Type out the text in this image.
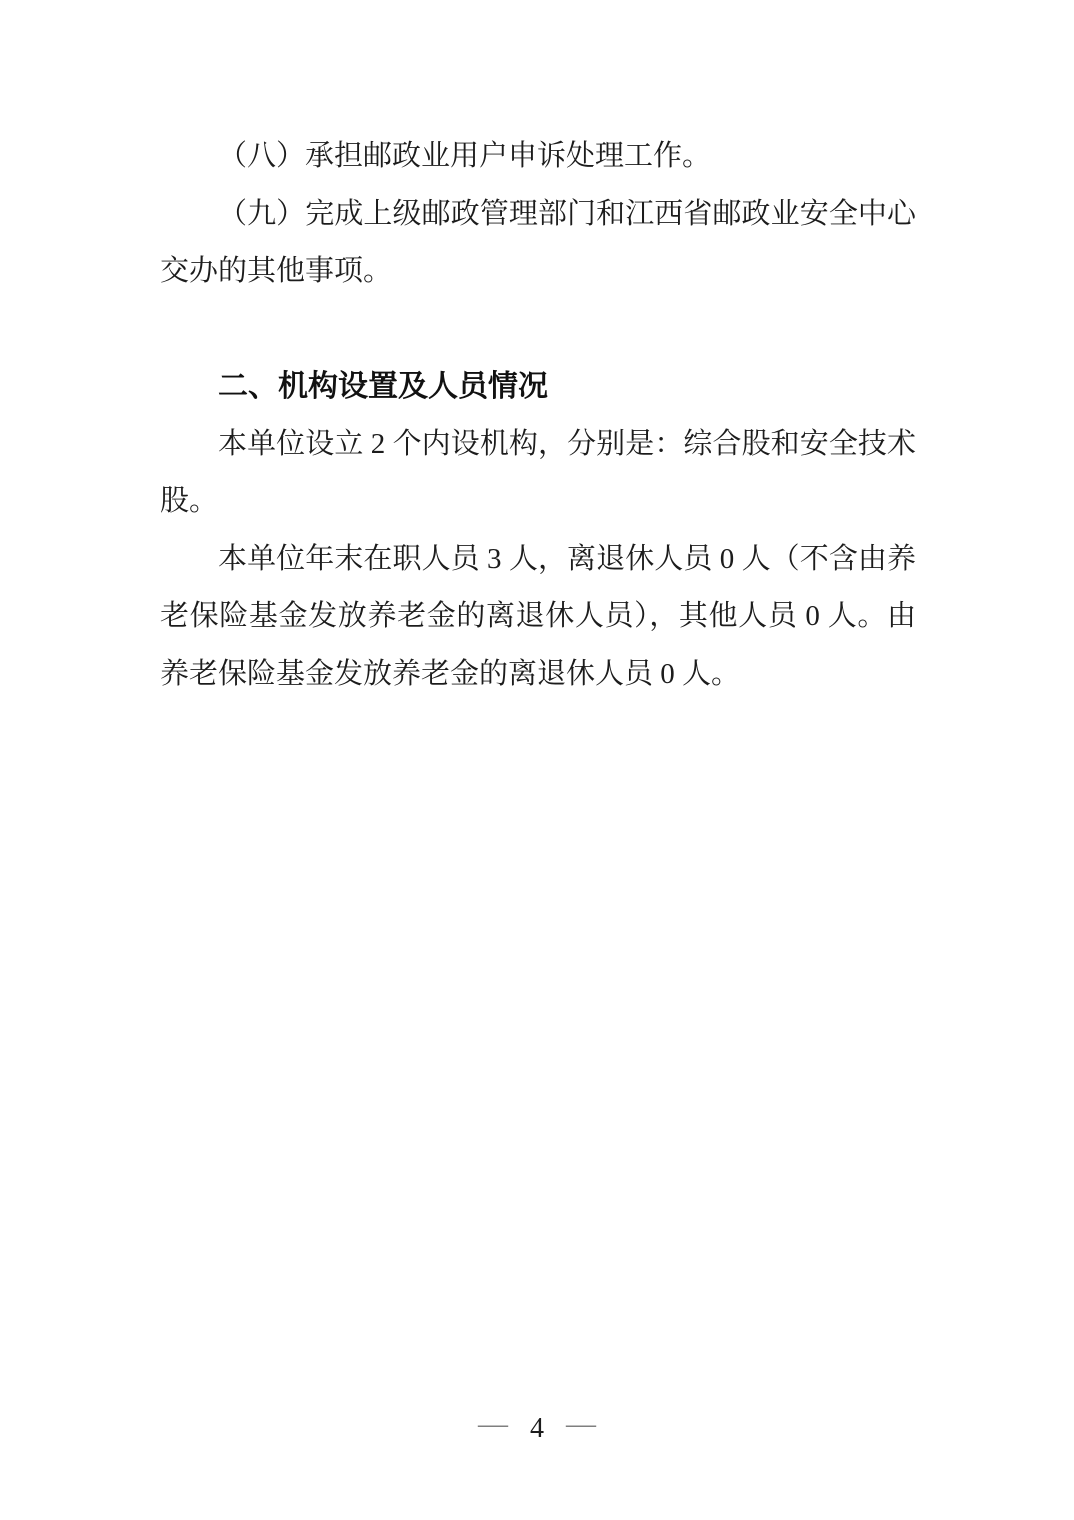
（八）承担邮政业用户申诉处理工作。
（九）完成上级邮政管理部门和江西省邮政业安全中心
交办的其他事项。
二、机构设置及人员情况
本单位设立 2 个内设机构，分别是：综合股和安全技术
股。
本单位年末在职人员 3 人，离退休人员 0 人（不含由养
老保险基金发放养老金的离退休人员），其他人员 0 人。由
养老保险基金发放养老金的离退休人员 0 人。
— 4 —
